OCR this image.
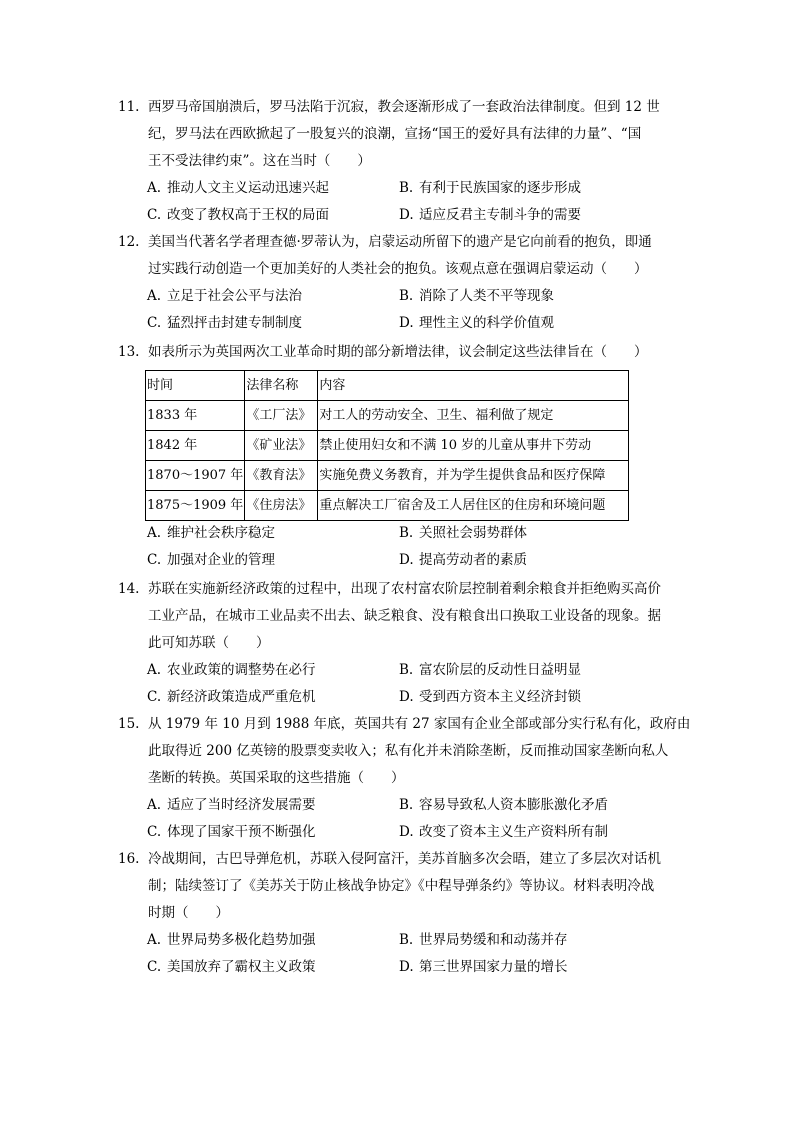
11. 西罗马帝国崩溃后，罗马法陷于沉寂，教会逐渐形成了一套政治法律制度。但到 12 世
纪，罗马法在西欧掀起了一股复兴的浪潮，宣扬“国王的爱好具有法律的力量”、“国
王不受法律约束”。这在当时（　　）
A. 推动人文主义运动迅速兴起	B. 有利于民族国家的逐步形成
C. 改变了教权高于王权的局面	D. 适应反君主专制斗争的需要
12. 美国当代著名学者理查德·罗蒂认为，启蒙运动所留下的遗产是它向前看的抱负，即通
过实践行动创造一个更加美好的人类社会的抱负。该观点意在强调启蒙运动（　　）
A. 立足于社会公平与法治	B. 消除了人类不平等现象
C. 猛烈抨击封建专制制度	D. 理性主义的科学价值观
13. 如表所示为英国两次工业革命时期的部分新增法律，议会制定这些法律旨在（　　）
时间	法律名称	内容
1833 年	《工厂法》	对工人的劳动安全、卫生、福利做了规定
1842 年	《矿业法》	禁止使用妇女和不满 10 岁的儿童从事井下劳动
1870～1907 年	《教育法》	实施免费义务教育，并为学生提供食品和医疗保障
1875～1909 年	《住房法》	重点解决工厂宿舍及工人居住区的住房和环境问题
A. 维护社会秩序稳定	B. 关照社会弱势群体
C. 加强对企业的管理	D. 提高劳动者的素质
14. 苏联在实施新经济政策的过程中，出现了农村富农阶层控制着剩余粮食并拒绝购买高价
工业产品，在城市工业品卖不出去、缺乏粮食、没有粮食出口换取工业设备的现象。据
此可知苏联（　　）
A. 农业政策的调整势在必行	B. 富农阶层的反动性日益明显
C. 新经济政策造成严重危机	D. 受到西方资本主义经济封锁
15. 从 1979 年 10 月到 1988 年底，英国共有 27 家国有企业全部或部分实行私有化，政府由
此取得近 200 亿英镑的股票变卖收入；私有化并未消除垄断，反而推动国家垄断向私人
垄断的转换。英国采取的这些措施（　　）
A. 适应了当时经济发展需要	B. 容易导致私人资本膨胀激化矛盾
C. 体现了国家干预不断强化	D. 改变了资本主义生产资料所有制
16. 冷战期间，古巴导弹危机，苏联入侵阿富汗，美苏首脑多次会晤，建立了多层次对话机
制；陆续签订了《美苏关于防止核战争协定》《中程导弹条约》等协议。材料表明冷战
时期（　　）
A. 世界局势多极化趋势加强	B. 世界局势缓和和动荡并存
C. 美国放弃了霸权主义政策	D. 第三世界国家力量的增长
